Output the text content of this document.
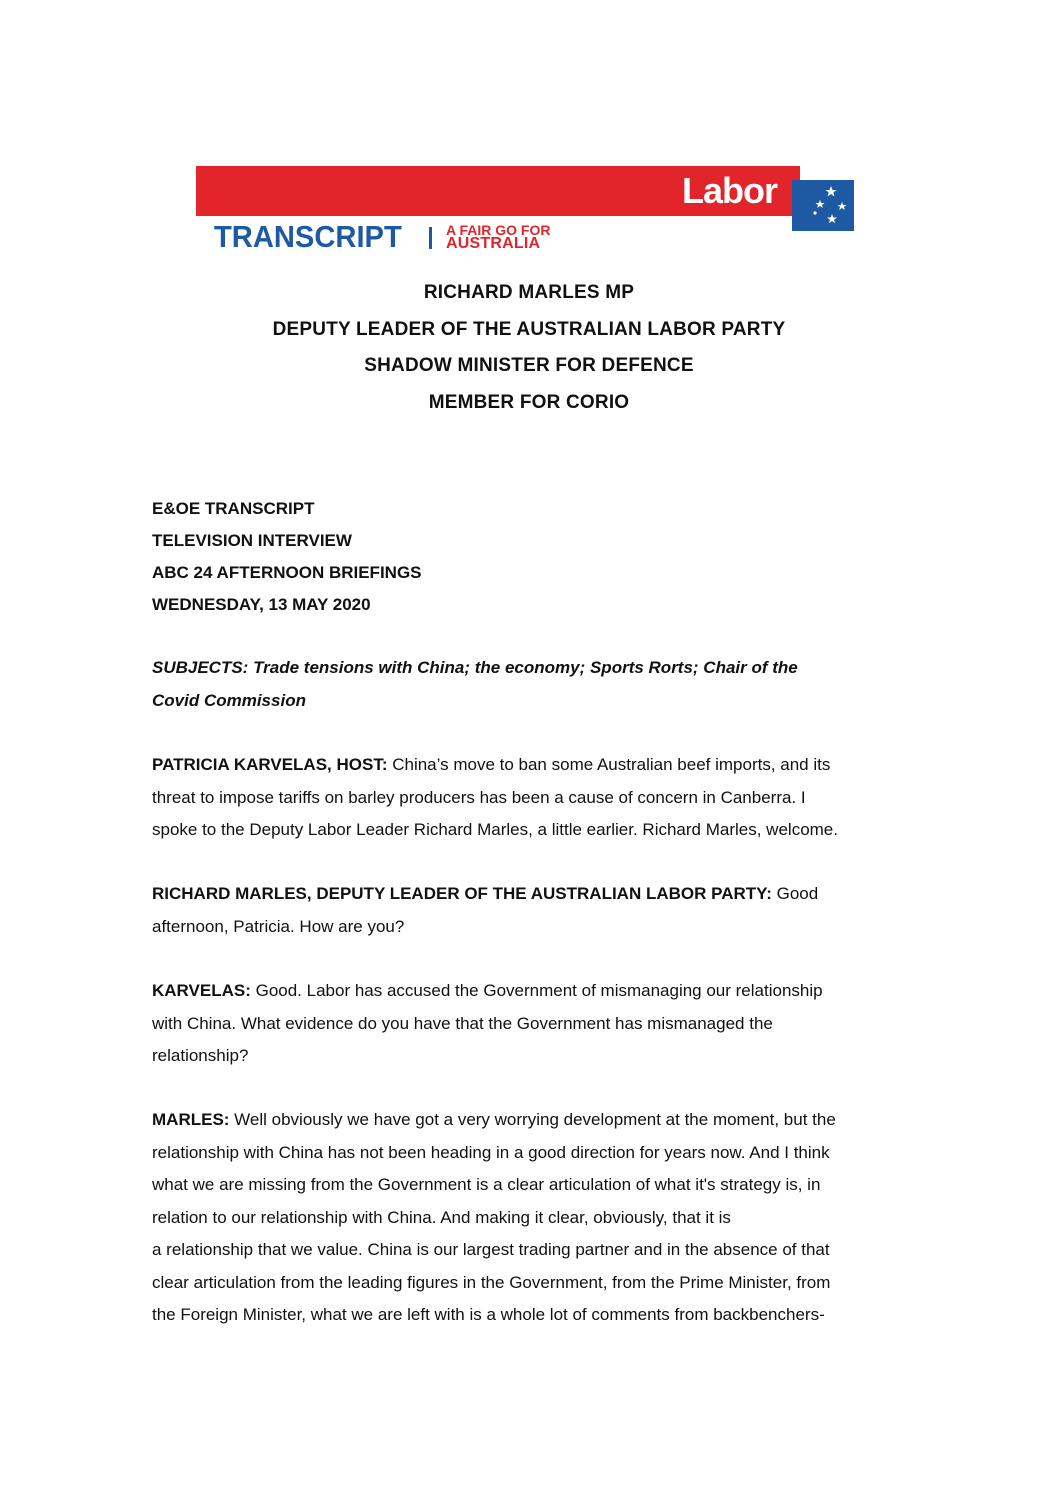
Labor
TRANSCRIPT	A FAIR GO FOR
AUSTRALIA
RICHARD MARLES MP
DEPUTY LEADER OF THE AUSTRALIAN LABOR PARTY
SHADOW MINISTER FOR DEFENCE
MEMBER FOR CORIO
E&OE TRANSCRIPT
TELEVISION INTERVIEW
ABC 24 AFTERNOON BRIEFINGS
WEDNESDAY, 13 MAY 2020
SUBJECTS: Trade tensions with China; the economy; Sports Rorts; Chair of the
Covid Commission
PATRICIA KARVELAS, HOST: China’s move to ban some Australian beef imports, and its
threat to impose tariffs on barley producers has been a cause of concern in Canberra. I
spoke to the Deputy Labor Leader Richard Marles, a little earlier. Richard Marles, welcome.
RICHARD MARLES, DEPUTY LEADER OF THE AUSTRALIAN LABOR PARTY: Good
afternoon, Patricia. How are you?
KARVELAS: Good. Labor has accused the Government of mismanaging our relationship
with China. What evidence do you have that the Government has mismanaged the
relationship?
MARLES: Well obviously we have got a very worrying development at the moment, but the
relationship with China has not been heading in a good direction for years now. And I think
what we are missing from the Government is a clear articulation of what it's strategy is, in
relation to our relationship with China. And making it clear, obviously, that it is
a relationship that we value. China is our largest trading partner and in the absence of that
clear articulation from the leading figures in the Government, from the Prime Minister, from
the Foreign Minister, what we are left with is a whole lot of comments from backbenchers-
